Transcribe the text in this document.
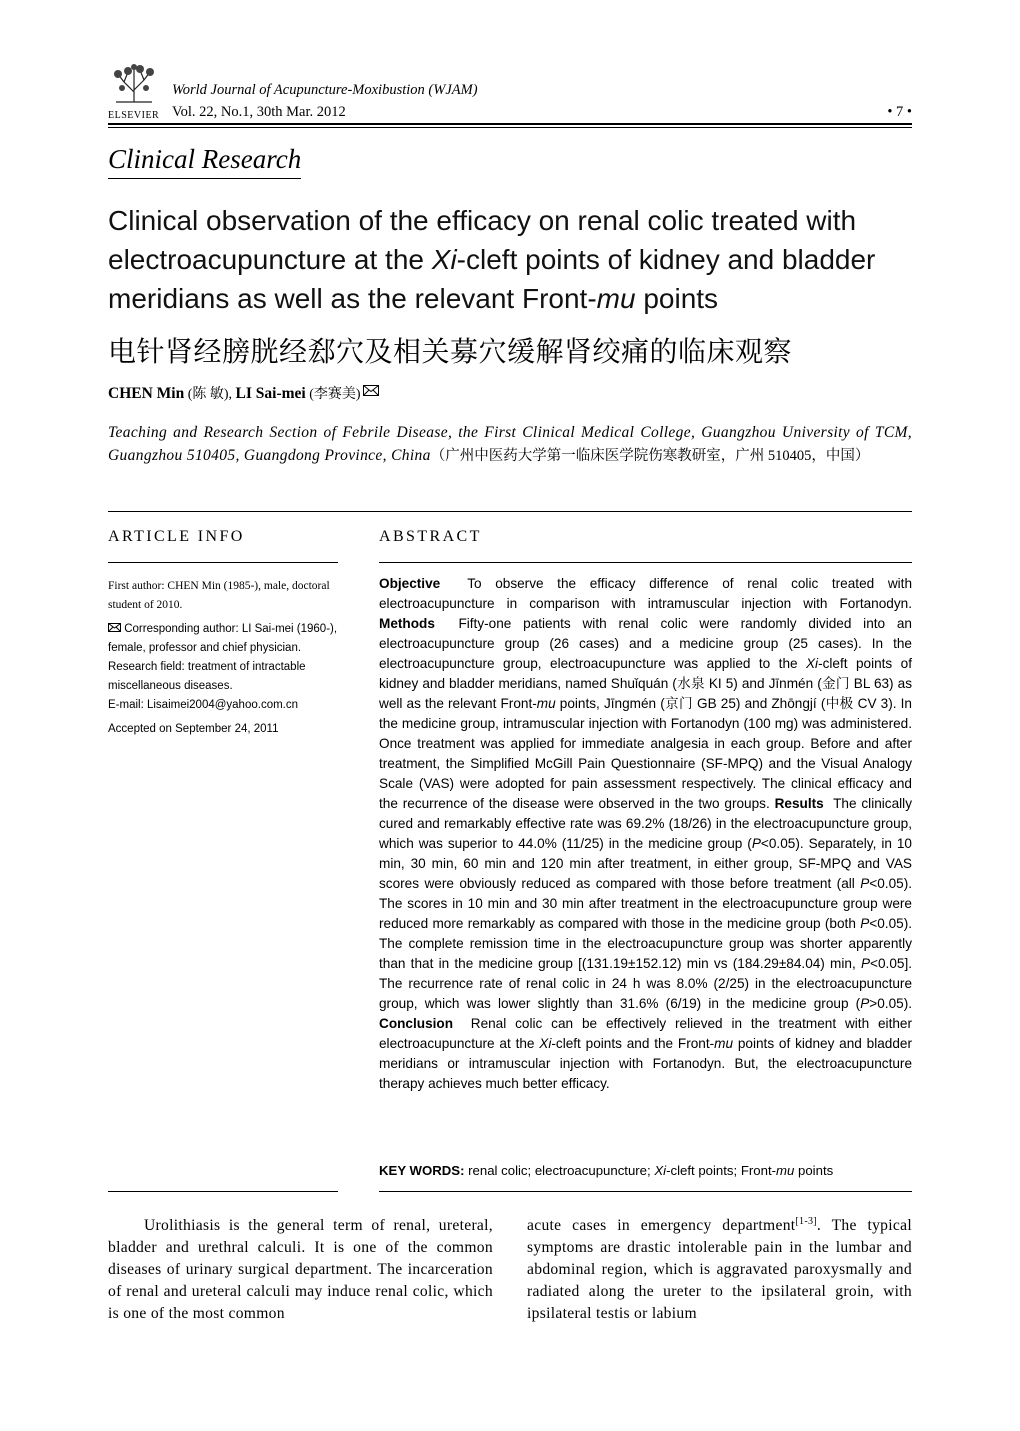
ELSEVIER
World Journal of Acupuncture-Moxibustion (WJAM)
Vol. 22, No.1, 30th Mar. 2012	• 7 •
Clinical Research
Clinical observation of the efficacy on renal colic treated with electroacupuncture at the Xi-cleft points of kidney and bladder meridians as well as the relevant Front-mu points
电针肾经膀胱经郄穴及相关募穴缓解肾绞痛的临床观察
CHEN Min (陈 敏), LI Sai-mei (李赛美)
Teaching and Research Section of Febrile Disease, the First Clinical Medical College, Guangzhou University of TCM, Guangzhou 510405, Guangdong Province, China（广州中医药大学第一临床医学院伤寒教研室，广州 510405，中国）
ARTICLE INFO	ABSTRACT

First author: CHEN Min (1985-), male, doctoral student of 2010.

Corresponding author: LI Sai-mei (1960-), female, professor and chief physician.

Research field: treatment of intractable miscellaneous diseases.

E-mail: Lisaimei2004@yahoo.com.cn

Accepted on September 24, 2011

Objective To observe the efficacy difference of renal colic treated with electroacupuncture in comparison with intramuscular injection with Fortanodyn. Methods Fifty-one patients with renal colic were randomly divided into an electroacupuncture group (26 cases) and a medicine group (25 cases). In the electroacupuncture group, electroacupuncture was applied to the Xi-cleft points of kidney and bladder meridians, named Shuǐquán (水泉 KI 5) and Jīnmén (金门 BL 63) as well as the relevant Front-mu points, Jīngmén (京门 GB 25) and Zhōngjí (中极 CV 3). In the medicine group, intramuscular injection with Fortanodyn (100 mg) was administered. Once treatment was applied for immediate analgesia in each group. Before and after treatment, the Simplified McGill Pain Questionnaire (SF-MPQ) and the Visual Analogy Scale (VAS) were adopted for pain assessment respectively. The clinical efficacy and the recurrence of the disease were observed in the two groups. Results The clinically cured and remarkably effective rate was 69.2% (18/26) in the electroacupuncture group, which was superior to 44.0% (11/25) in the medicine group (P<0.05). Separately, in 10 min, 30 min, 60 min and 120 min after treatment, in either group, SF-MPQ and VAS scores were obviously reduced as compared with those before treatment (all P<0.05). The scores in 10 min and 30 min after treatment in the electroacupuncture group were reduced more remarkably as compared with those in the medicine group (both P<0.05). The complete remission time in the electroacupuncture group was shorter apparently than that in the medicine group [(131.19±152.12) min vs (184.29±84.04) min, P<0.05]. The recurrence rate of renal colic in 24 h was 8.0% (2/25) in the electroacupuncture group, which was lower slightly than 31.6% (6/19) in the medicine group (P>0.05). Conclusion Renal colic can be effectively relieved in the treatment with either electroacupuncture at the Xi-cleft points and the Front-mu points of kidney and bladder meridians or intramuscular injection with Fortanodyn. But, the electroacupuncture therapy achieves much better efficacy.
KEY WORDS: renal colic; electroacupuncture; Xi-cleft points; Front-mu points
Urolithiasis is the general term of renal, ureteral, bladder and urethral calculi. It is one of the common diseases of urinary surgical department. The incarceration of renal and ureteral calculi may induce renal colic, which is one of the most common
acute cases in emergency department[1-3]. The typical symptoms are drastic intolerable pain in the lumbar and abdominal region, which is aggravated paroxysmally and radiated along the ureter to the ipsilateral groin, with ipsilateral testis or labium
